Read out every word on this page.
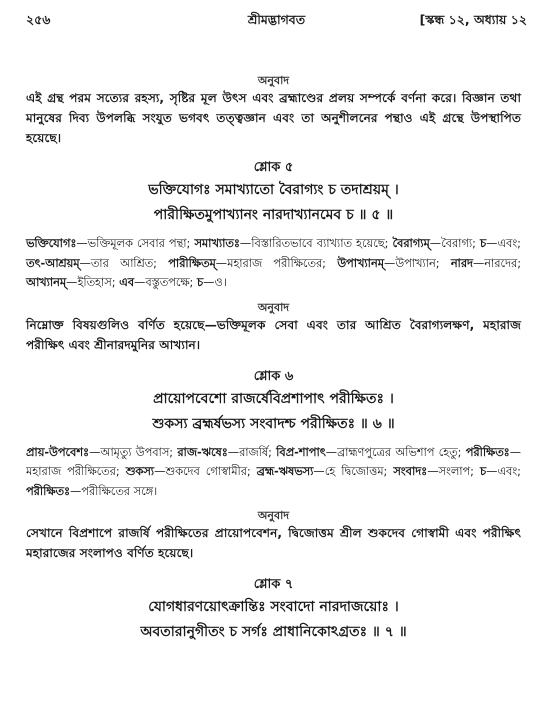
২৫৬	শ্রীমদ্ভাগবত	[স্কন্ধ ১২, অধ্যায় ১২

অনুবাদ

এই গ্রন্থ পরম সত্যের রহস্য, সৃষ্টির মূল উৎস এবং ব্রহ্মাণ্ডের প্রলয় সম্পর্কে বর্ণনা করে। বিজ্ঞান তথা মানুষের দিব্য উপলব্ধি সংযুত ভগবৎ তত্ত্বজ্ঞান এবং তা অনুশীলনের পন্থাও এই গ্রন্থে উপস্থাপিত হয়েছে।

শ্লোক ৫

ভক্তিযোগঃ সমাখ্যাতো বৈরাগ্যং চ তদাশ্রয়ম্ ।

পারীক্ষিতমুপাখ্যানং নারদাখ্যানমেব চ ॥ ৫ ॥

ভক্তিযোগঃ—ভক্তিমূলক সেবার পন্থা; সমাখ্যাতঃ—বিস্তারিতভাবে ব্যাখ্যাত হয়েছে; বৈরাগ্যম্—বৈরাগ্য; চ—এবং; তৎ-আশ্রয়ম্—তার আশ্রিত; পারীক্ষিতম্—মহারাজ পরীক্ষিতের; উপাখ্যানম্—উপাখ্যান; নারদ—নারদের; আখ্যানম্—ইতিহাস; এব—বস্তুতপক্ষে; চ—ও।

অনুবাদ

নিম্নোক্ত বিষয়গুলিও বর্ণিত হয়েছে—ভক্তিমূলক সেবা এবং তার আশ্রিত বৈরাগ্যলক্ষণ, মহারাজ পরীক্ষিৎ এবং শ্রীনারদমুনির আখ্যান।

শ্লোক ৬

প্রায়োপবেশো রাজর্ষেবিপ্রশাপাৎ পরীক্ষিতঃ ।

শুকস্য ব্রহ্মর্ষভস্য সংবাদশ্চ পরীক্ষিতঃ ॥ ৬ ॥

প্রায়-উপবেশঃ—আমৃত্যু উপবাস; রাজ-ঋষেঃ—রাজর্ষি; বিপ্র-শাপাৎ—ব্রাহ্মণপুত্রের অভিশাপ হেতু; পরীক্ষিতঃ—মহারাজ পরীক্ষিতের; শুকস্য—শুকদেব গোস্বামীর; ব্রহ্ম-ঋষভস্য—হে দ্বিজোত্তম; সংবাদঃ—সংলাপ; চ—এবং; পরীক্ষিতঃ—পরীক্ষিতের সঙ্গে।

অনুবাদ

সেখানে বিপ্রশাপে রাজর্ষি পরীক্ষিতের প্রায়োপবেশন, দ্বিজোত্তম শ্রীল শুকদেব গোস্বামী এবং পরীক্ষিৎ মহারাজের সংলাপও বর্ণিত হয়েছে।

শ্লোক ৭

যোগধারণয়োৎক্রান্তিঃ সংবাদো নারদাজয়োঃ ।

অবতারানুগীতং চ সর্গঃ প্রাধানিকোঽগ্রতঃ ॥ ৭ ॥
